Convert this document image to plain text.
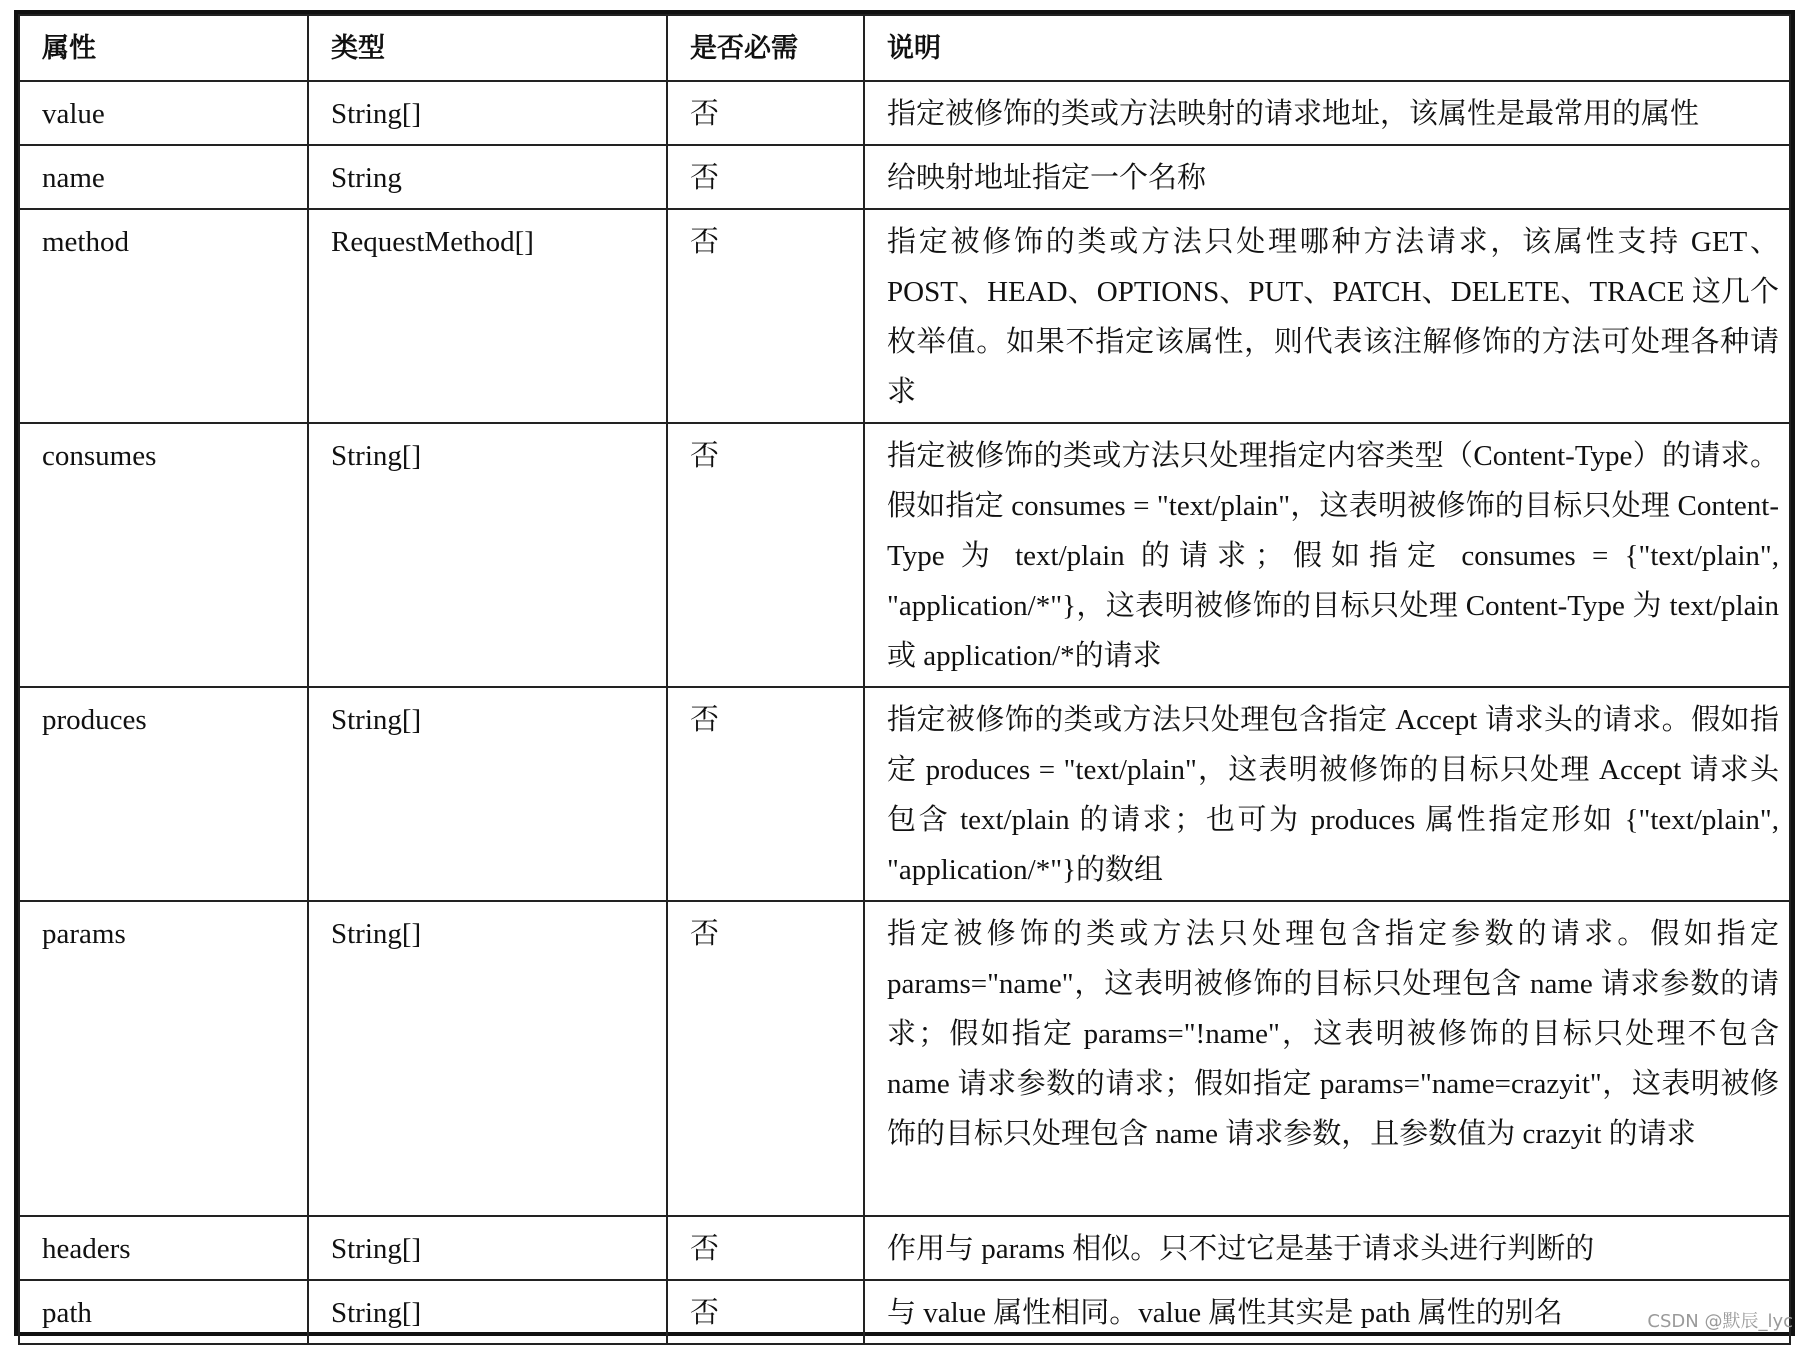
属性	类型	是否必需	说明
value	String[]	否	指定被修饰的类或方法映射的请求地址，该属性是最常用的属性
name	String	否	给映射地址指定一个名称
method	RequestMethod[]	否	指定被修饰的类或方法只处理哪种方法请求，该属性支持 GET、POST、HEAD、OPTIONS、PUT、PATCH、DELETE、TRACE 这几个枚举值。如果不指定该属性，则代表该注解修饰的方法可处理各种请求
consumes	String[]	否	指定被修饰的类或方法只处理指定内容类型（Content-Type）的请求。假如指定 consumes = "text/plain"，这表明被修饰的目标只处理 Content-Type 为 text/plain 的请求；假如指定 consumes = {"text/plain", "application/*"}，这表明被修饰的目标只处理 Content-Type 为 text/plain 或 application/*的请求
produces	String[]	否	指定被修饰的类或方法只处理包含指定 Accept 请求头的请求。假如指定 produces = "text/plain"，这表明被修饰的目标只处理 Accept 请求头包含 text/plain 的请求；也可为 produces 属性指定形如 {"text/plain", "application/*"}的数组
params	String[]	否	指定被修饰的类或方法只处理包含指定参数的请求。假如指定 params="name"，这表明被修饰的目标只处理包含 name 请求参数的请求；假如指定 params="!name"，这表明被修饰的目标只处理不包含 name 请求参数的请求；假如指定 params="name=crazyit"，这表明被修饰的目标只处理包含 name 请求参数，且参数值为 crazyit 的请求
headers	String[]	否	作用与 params 相似。只不过它是基于请求头进行判断的
path	String[]	否	与 value 属性相同。value 属性其实是 path 属性的别名	CSDN @默辰_lyc
